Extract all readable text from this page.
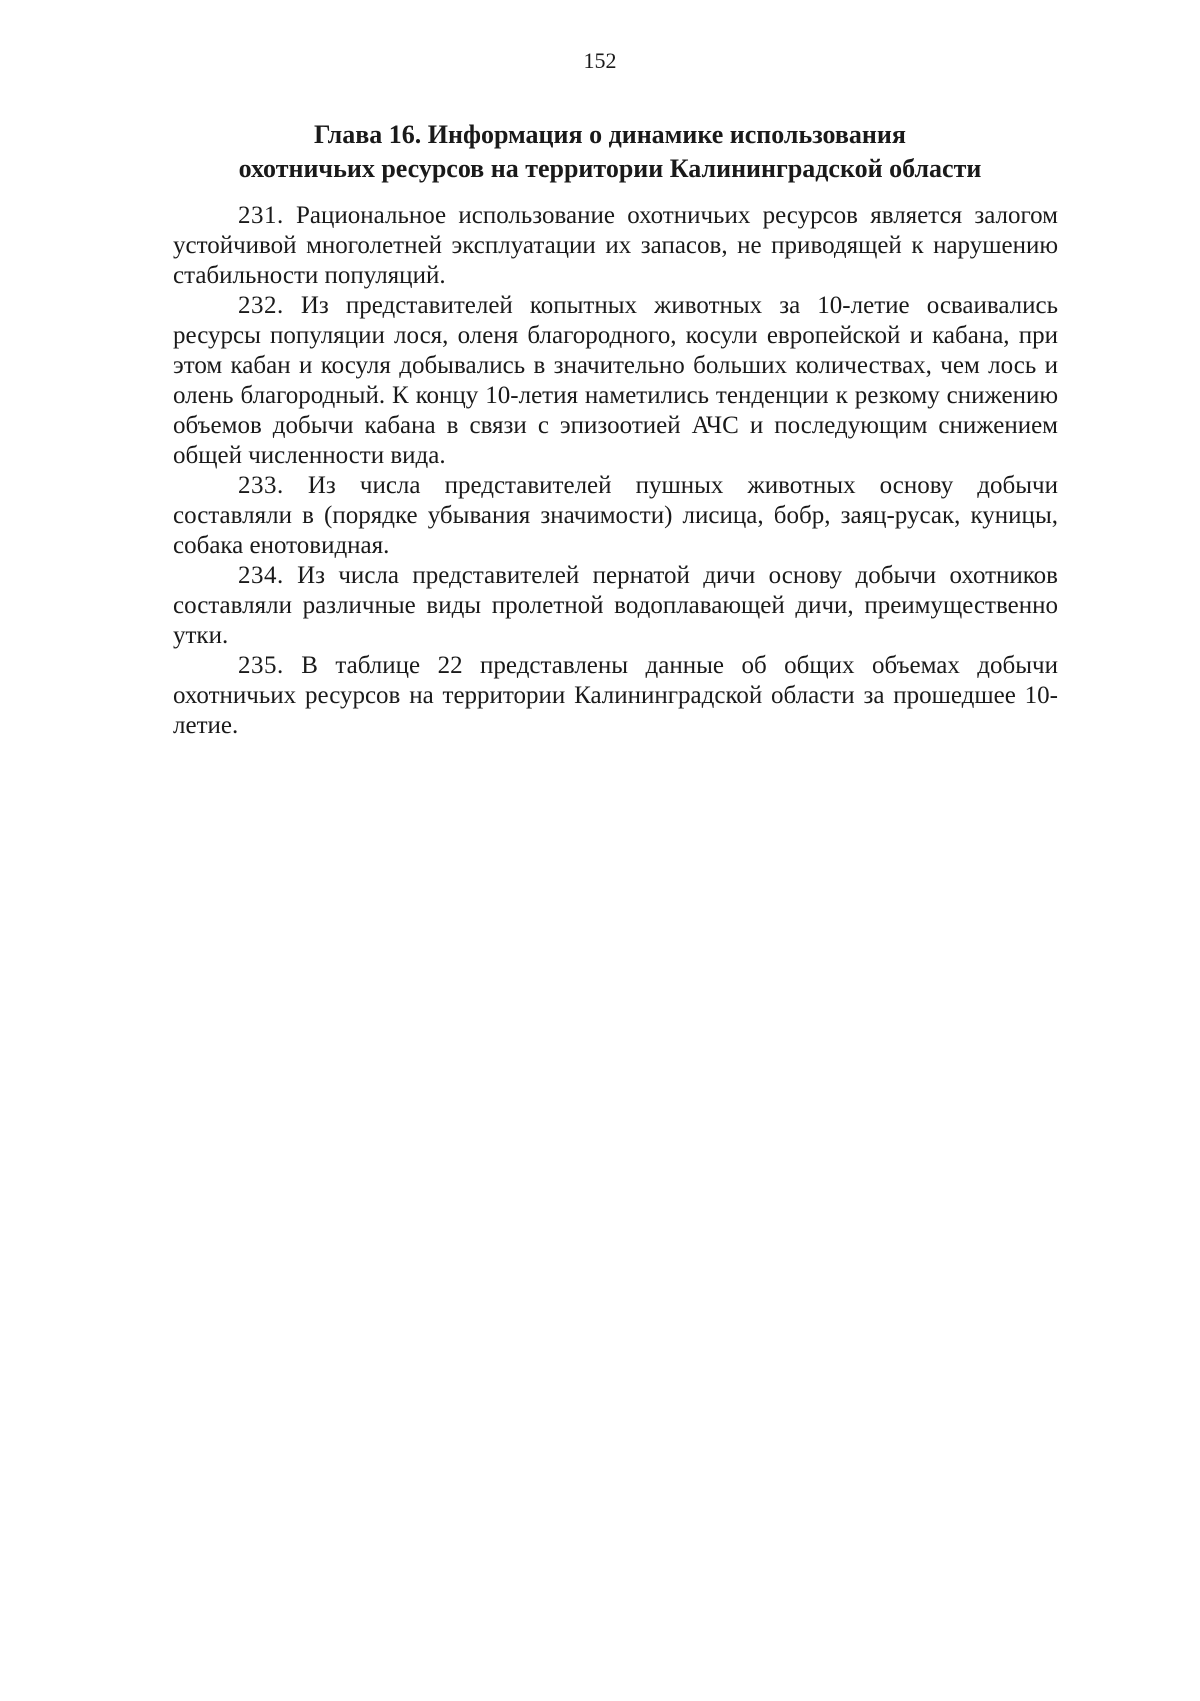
152
Глава 16. Информация о динамике использования
охотничьих ресурсов на территории Калининградской области

231. Рациональное использование охотничьих ресурсов является залогом устойчивой многолетней эксплуатации их запасов, не приводящей к нарушению стабильности популяций.

232. Из представителей копытных животных за 10-летие осваивались ресурсы популяции лося, оленя благородного, косули европейской и кабана, при этом кабан и косуля добывались в значительно больших количествах, чем лось и олень благородный. К концу 10-летия наметились тенденции к резкому снижению объемов добычи кабана в связи с эпизоотией АЧС и последующим снижением общей численности вида.

233. Из числа представителей пушных животных основу добычи составляли в (порядке убывания значимости) лисица, бобр, заяц-русак, куницы, собака енотовидная.

234. Из числа представителей пернатой дичи основу добычи охотников составляли различные виды пролетной водоплавающей дичи, преимущественно утки.

235. В таблице 22 представлены данные об общих объемах добычи охотничьих ресурсов на территории Калининградской области за прошедшее 10-летие.
